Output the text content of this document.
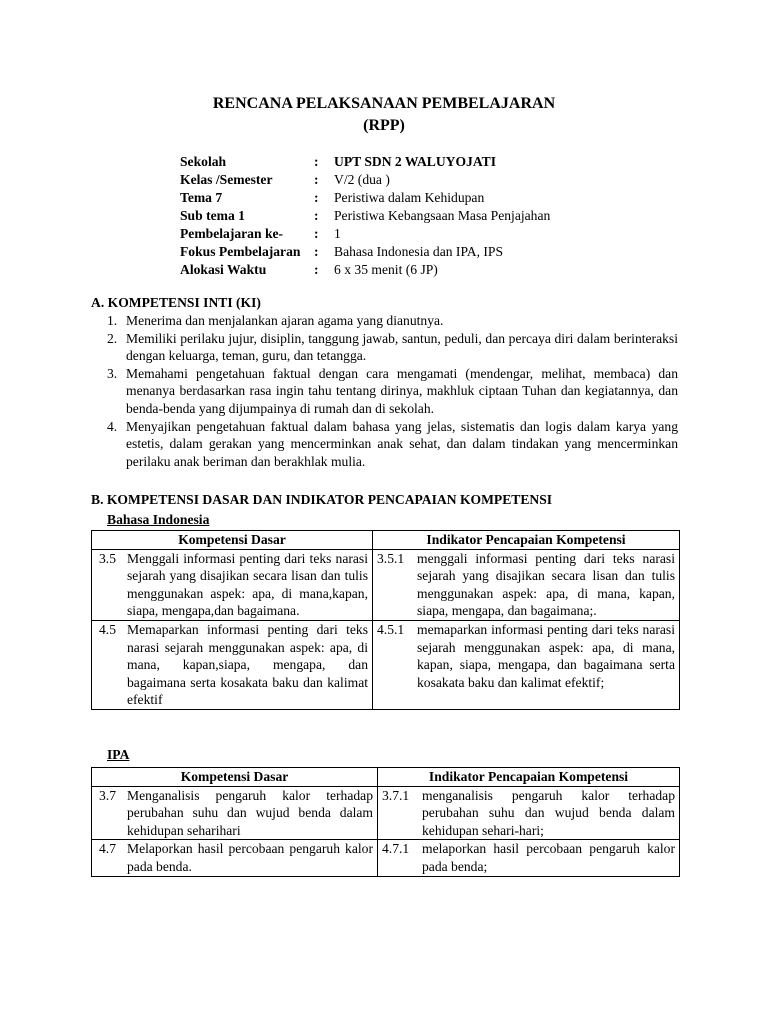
RENCANA PELAKSANAAN PEMBELAJARAN
(RPP)
Sekolah	:	UPT SDN 2 WALUYOJATI
Kelas /Semester	:	V/2 (dua )
Tema 7	:	Peristiwa dalam Kehidupan
Sub tema 1	:	Peristiwa Kebangsaan Masa Penjajahan
Pembelajaran ke-	:	1
Fokus Pembelajaran :	Bahasa Indonesia dan IPA, IPS
Alokasi Waktu	:	6 x 35 menit (6 JP)
A. KOMPETENSI INTI (KI)
1. Menerima dan menjalankan ajaran agama yang dianutnya.
2. Memiliki perilaku jujur, disiplin, tanggung jawab, santun, peduli, dan percaya diri dalam berinteraksi dengan keluarga, teman, guru, dan tetangga.
3. Memahami pengetahuan faktual dengan cara mengamati (mendengar, melihat, membaca) dan menanya berdasarkan rasa ingin tahu tentang dirinya, makhluk ciptaan Tuhan dan kegiatannya, dan benda-benda yang dijumpainya di rumah dan di sekolah.
4. Menyajikan pengetahuan faktual dalam bahasa yang jelas, sistematis dan logis dalam karya yang estetis, dalam gerakan yang mencerminkan anak sehat, dan dalam tindakan yang mencerminkan perilaku anak beriman dan berakhlak mulia.
B. KOMPETENSI DASAR DAN INDIKATOR PENCAPAIAN KOMPETENSI
Bahasa Indonesia
Kompetensi Dasar	Indikator Pencapaian Kompetensi

3.5 Menggali informasi penting dari teks narasi sejarah yang disajikan secara lisan dan tulis menggunakan aspek: apa, di mana,kapan, siapa, mengapa,dan bagaimana.	3.5.1 menggali informasi penting dari teks narasi sejarah yang disajikan secara lisan dan tulis menggunakan aspek: apa, di mana, kapan, siapa, mengapa, dan bagaimana;.

4.5 Memaparkan informasi penting dari teks narasi sejarah menggunakan aspek: apa, di mana, kapan,siapa, mengapa, dan bagaimana serta kosakata baku dan kalimat efektif	4.5.1 memaparkan informasi penting dari teks narasi sejarah menggunakan aspek: apa, di mana, kapan, siapa, mengapa, dan bagaimana serta kosakata baku dan kalimat efektif;
IPA
Kompetensi Dasar	Indikator Pencapaian Kompetensi

3.7 Menganalisis pengaruh kalor terhadap perubahan suhu dan wujud benda dalam kehidupan seharihari	3.7.1 menganalisis pengaruh kalor terhadap perubahan suhu dan wujud benda dalam kehidupan sehari-hari;

4.7 Melaporkan hasil percobaan pengaruh kalor pada benda.	4.7.1 melaporkan hasil percobaan pengaruh kalor pada benda;
